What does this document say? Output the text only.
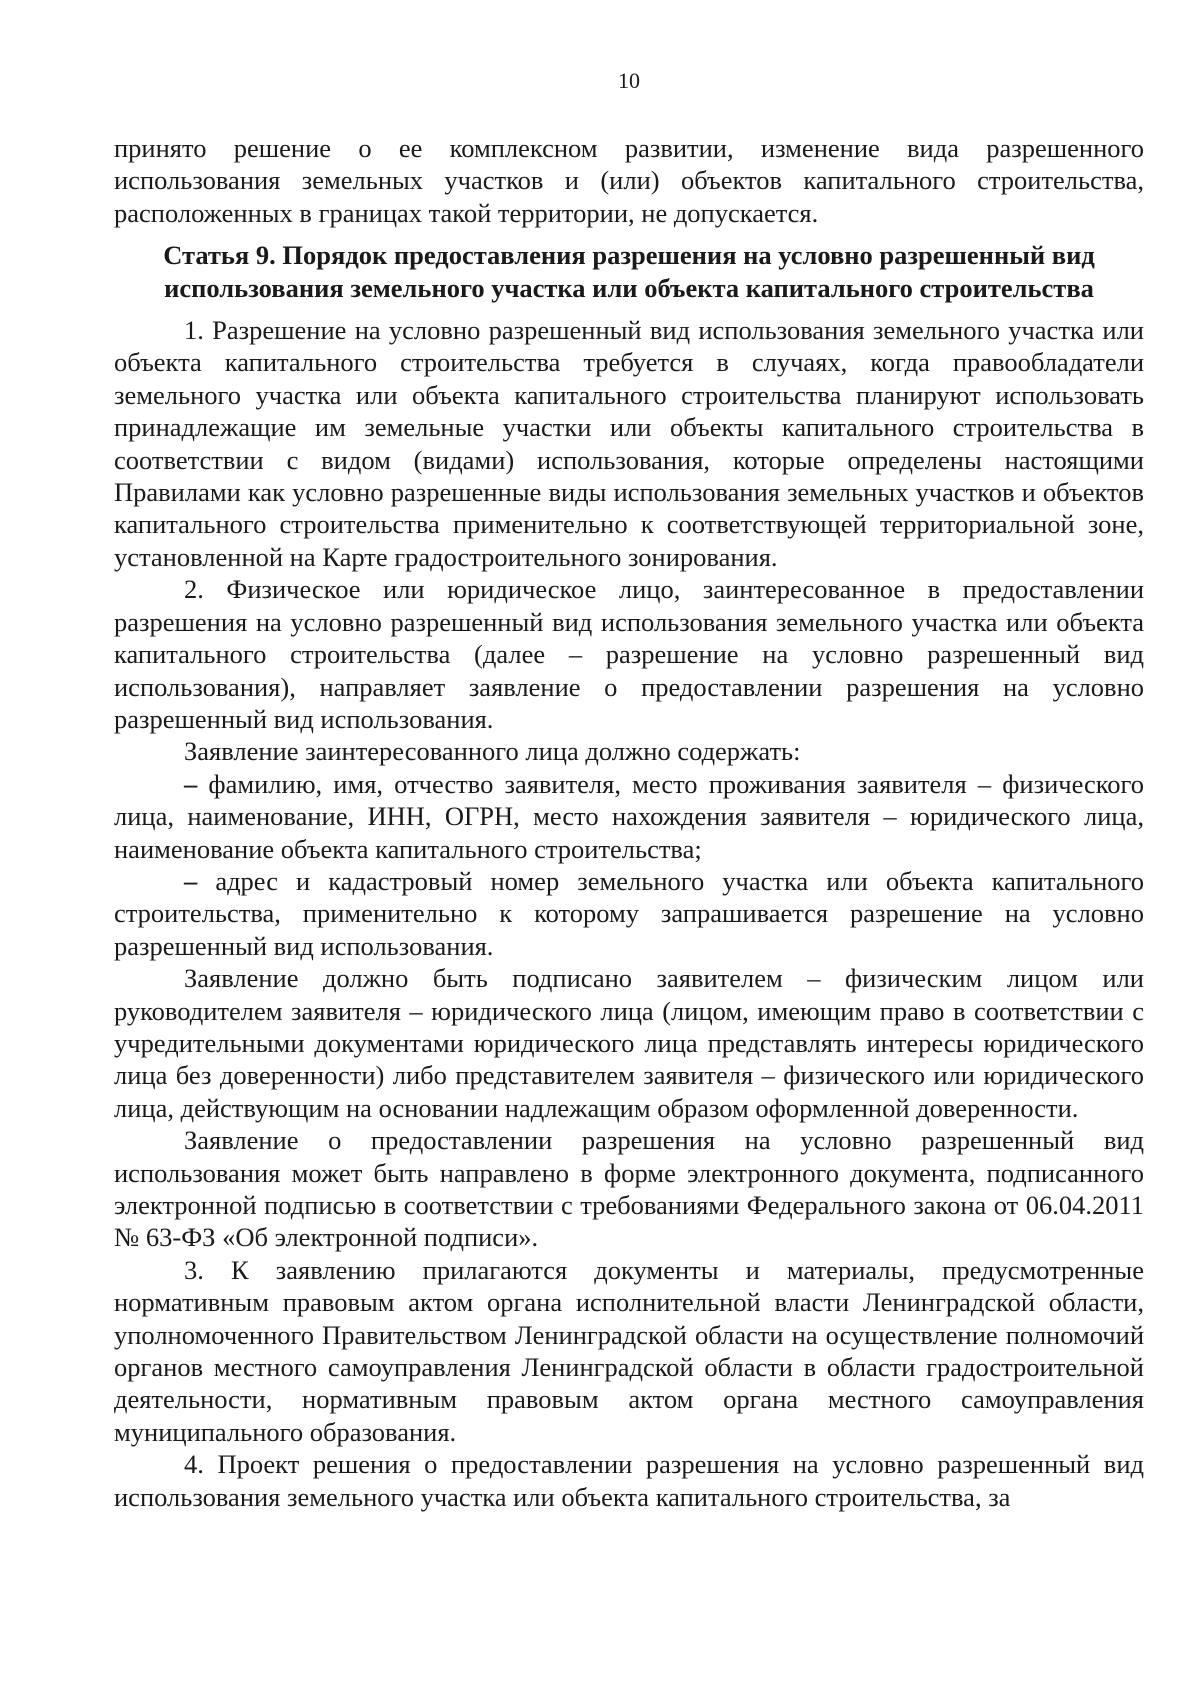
10

принято решение о ее комплексном развитии, изменение вида разрешенного использования земельных участков и (или) объектов капитального строительства, расположенных в границах такой территории, не допускается.

Статья 9. Порядок предоставления разрешения на условно разрешенный вид
использования земельного участка или объекта капитального строительства

1. Разрешение на условно разрешенный вид использования земельного участка или объекта капитального строительства требуется в случаях, когда правообладатели земельного участка или объекта капитального строительства планируют использовать принадлежащие им земельные участки или объекты капитального строительства в соответствии с видом (видами) использования, которые определены настоящими Правилами как условно разрешенные виды использования земельных участков и объектов капитального строительства применительно к соответствующей территориальной зоне, установленной на Карте градостроительного зонирования.

2. Физическое или юридическое лицо, заинтересованное в предоставлении разрешения на условно разрешенный вид использования земельного участка или объекта капитального строительства (далее – разрешение на условно разрешенный вид использования), направляет заявление о предоставлении разрешения на условно разрешенный вид использования.

Заявление заинтересованного лица должно содержать:

– фамилию, имя, отчество заявителя, место проживания заявителя – физического лица, наименование, ИНН, ОГРН, место нахождения заявителя – юридического лица, наименование объекта капитального строительства;

– адрес и кадастровый номер земельного участка или объекта капитального строительства, применительно к которому запрашивается разрешение на условно разрешенный вид использования.

Заявление должно быть подписано заявителем – физическим лицом или руководителем заявителя – юридического лица (лицом, имеющим право в соответствии с учредительными документами юридического лица представлять интересы юридического лица без доверенности) либо представителем заявителя – физического или юридического лица, действующим на основании надлежащим образом оформленной доверенности.

Заявление о предоставлении разрешения на условно разрешенный вид использования может быть направлено в форме электронного документа, подписанного электронной подписью в соответствии с требованиями Федерального закона от 06.04.2011 № 63-ФЗ «Об электронной подписи».

3. К заявлению прилагаются документы и материалы, предусмотренные нормативным правовым актом органа исполнительной власти Ленинградской области, уполномоченного Правительством Ленинградской области на осуществление полномочий органов местного самоуправления Ленинградской области в области градостроительной деятельности, нормативным правовым актом органа местного самоуправления муниципального образования.

4. Проект решения о предоставлении разрешения на условно разрешенный вид использования земельного участка или объекта капитального строительства, за
